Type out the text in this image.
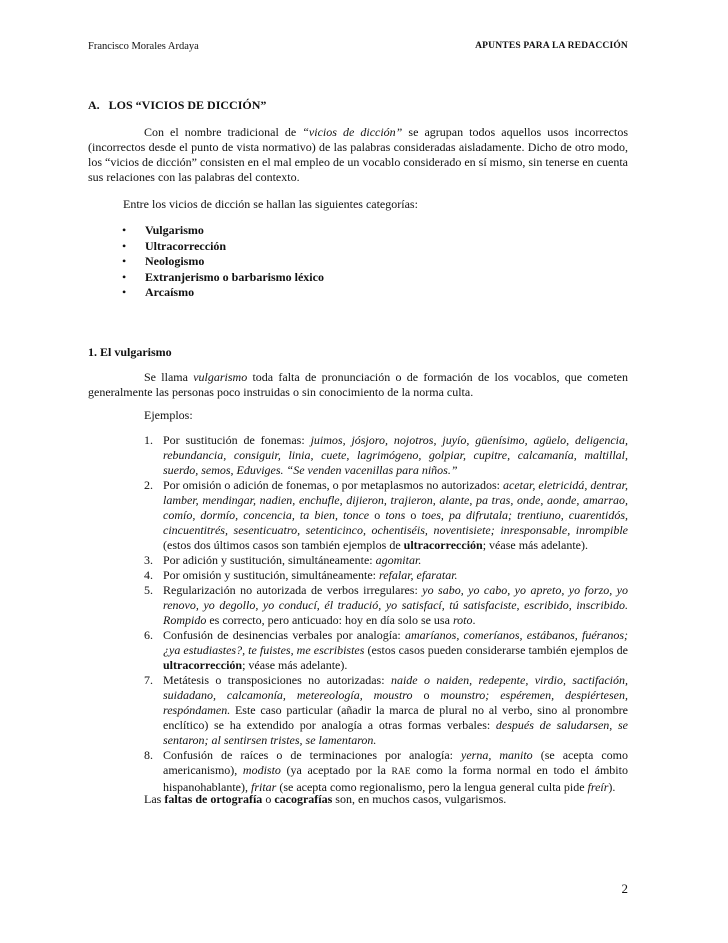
Francisco Morales Ardaya	APUNTES PARA LA REDACCIÓN
A. LOS “VICIOS DE DICCIÓN”
Con el nombre tradicional de “vicios de dicción” se agrupan todos aquellos usos incorrectos (incorrectos desde el punto de vista normativo) de las palabras consideradas aisladamente. Dicho de otro modo, los “vicios de dicción” consisten en el mal empleo de un vocablo considerado en sí mismo, sin tenerse en cuenta sus relaciones con las palabras del contexto.
Entre los vicios de dicción se hallan las siguientes categorías:
• Vulgarismo
• Ultracorrección
• Neologismo
• Extranjerismo o barbarismo léxico
• Arcaísmo
1. El vulgarismo
Se llama vulgarismo toda falta de pronunciación o de formación de los vocablos, que cometen generalmente las personas poco instruidas o sin conocimiento de la norma culta.
Ejemplos:
1. Por sustitución de fonemas: juimos, jósjoro, nojotros, juyío, güenísimo, agüelo, deligencia, rebundancia, consiguir, linia, cuete, lagrimógeno, golpiar, cupitre, calcamanía, maltillal, suerdo, semos, Eduviges. “Se venden vacenillas para niños.”
2. Por omisión o adición de fonemas, o por metaplasmos no autorizados: acetar, eletricidá, dentrar, lamber, mendingar, nadien, enchufle, dijieron, trajieron, alante, pa tras, onde, aonde, amarrao, comío, dormío, concencia, ta bien, tonce o tons o toes, pa difrutala; trentiuno, cuarentidós, cincuentitrés, sesenticuatro, setenticinco, ochentiséis, noventisiete; inresponsable, inrompible (estos dos últimos casos son también ejemplos de ultracorrección; véase más adelante).
3. Por adición y sustitución, simultáneamente: agomitar.
4. Por omisión y sustitución, simultáneamente: refalar, efaratar.
5. Regularización no autorizada de verbos irregulares: yo sabo, yo cabo, yo apreto, yo forzo, yo renovo, yo degollo, yo conducí, él tradució, yo satisfací, tú satisfaciste, escribido, inscribido. Rompido es correcto, pero anticuado: hoy en día solo se usa roto.
6. Confusión de desinencias verbales por analogía: amaríanos, comeríanos, estábanos, fuéranos; ¿ya estudiastes?, te fuistes, me escribistes (estos casos pueden considerarse también ejemplos de ultracorrección; véase más adelante).
7. Metátesis o transposiciones no autorizadas: naide o naiden, redepente, virdio, sactifación, suidadano, calcamonía, metereología, moustro o mounstro; espéremen, despiértesen, respóndamen. Este caso particular (añadir la marca de plural no al verbo, sino al pronombre enclítico) se ha extendido por analogía a otras formas verbales: después de saludarsen, se sentaron; al sentirsen tristes, se lamentaron.
8. Confusión de raíces o de terminaciones por analogía: yerna, manito (se acepta como americanismo), modisto (ya aceptado por la RAE como la forma normal en todo el ámbito hispanohablante), fritar (se acepta como regionalismo, pero la lengua general culta pide freír).
Las faltas de ortografía o cacografías son, en muchos casos, vulgarismos.
2
